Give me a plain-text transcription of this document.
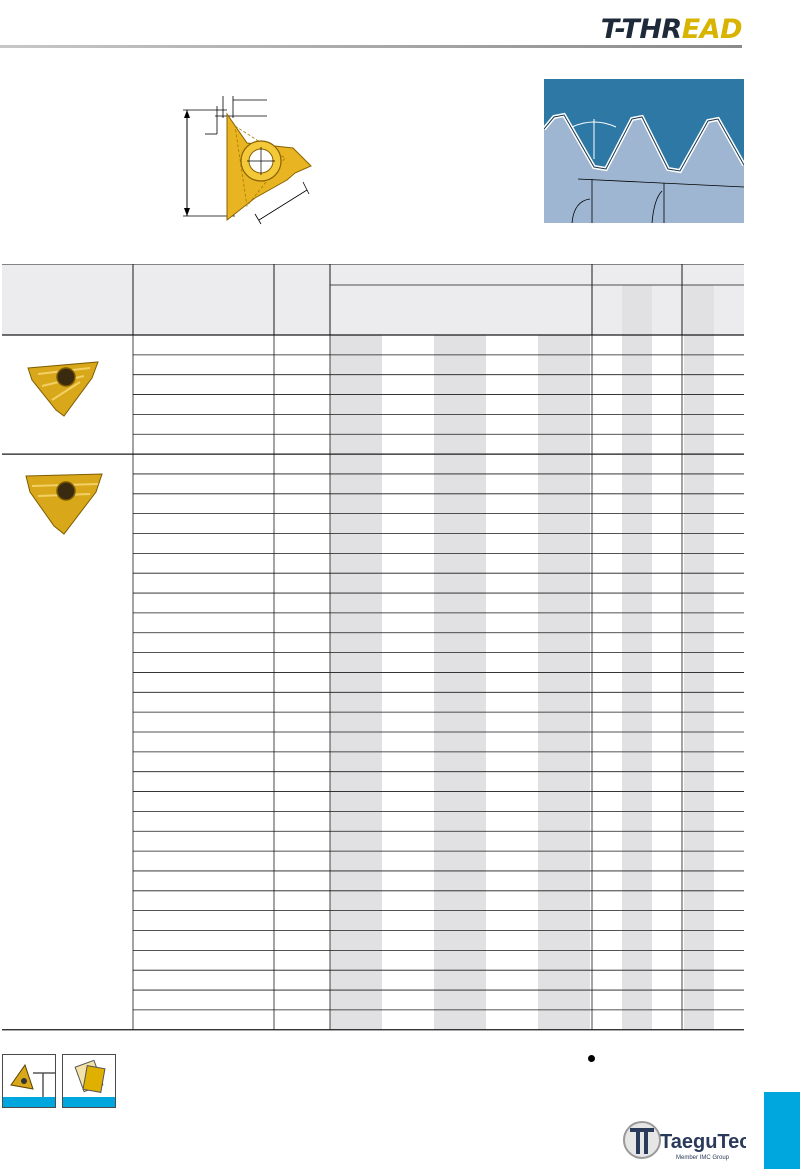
T-THREAD
TaeguTec
Member IMC Group
